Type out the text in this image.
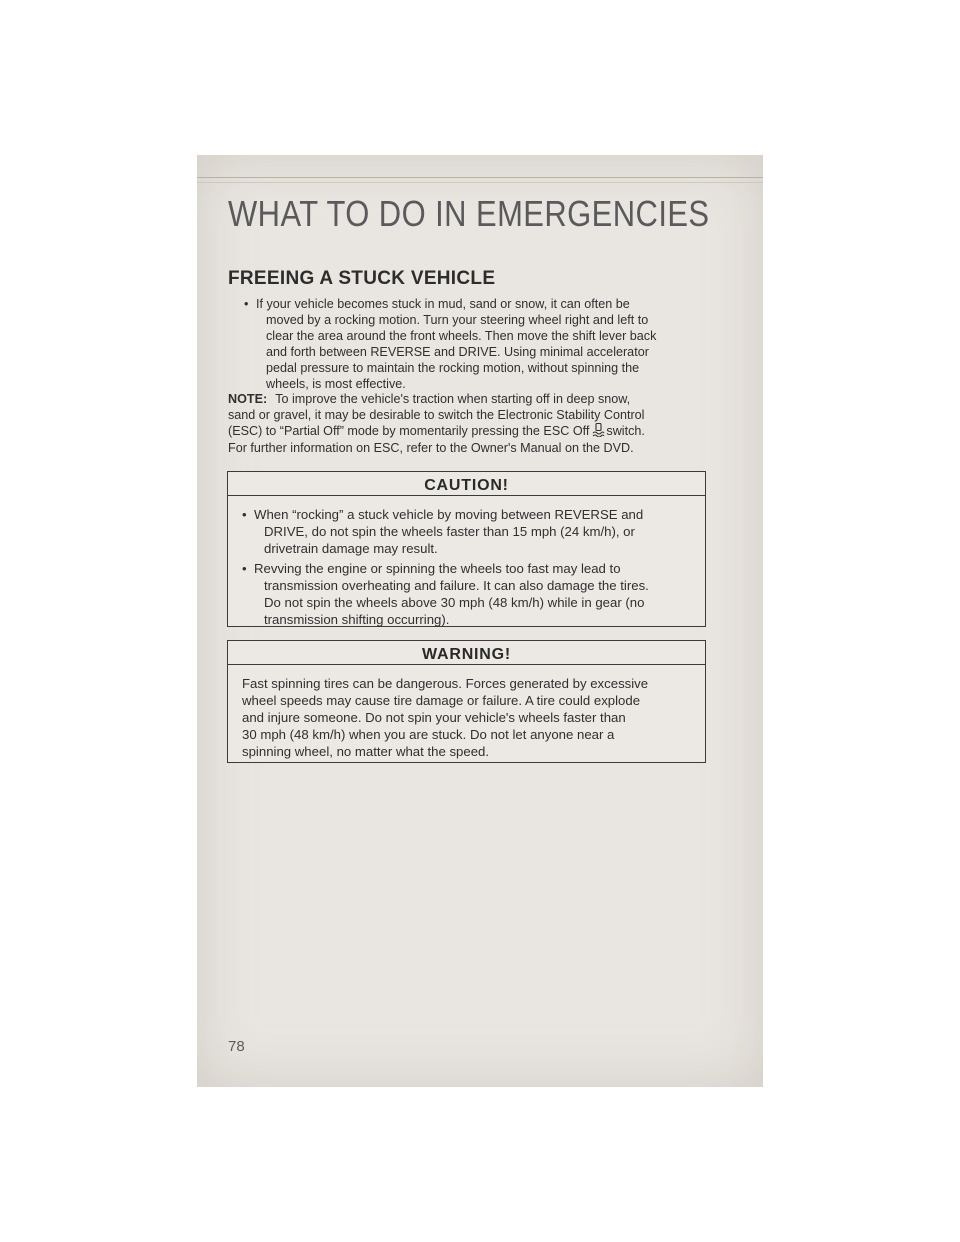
WHAT TO DO IN EMERGENCIES
FREEING A STUCK VEHICLE
• If your vehicle becomes stuck in mud, sand or snow, it can often be
moved by a rocking motion. Turn your steering wheel right and left to
clear the area around the front wheels. Then move the shift lever back
and forth between REVERSE and DRIVE. Using minimal accelerator
pedal pressure to maintain the rocking motion, without spinning the
wheels, is most effective.
NOTE: To improve the vehicle's traction when starting off in deep snow,
sand or gravel, it may be desirable to switch the Electronic Stability Control
(ESC) to “Partial Off” mode by momentarily pressing the ESC Off switch.
For further information on ESC, refer to the Owner's Manual on the DVD.
CAUTION!
• When “rocking” a stuck vehicle by moving between REVERSE and
DRIVE, do not spin the wheels faster than 15 mph (24 km/h), or
drivetrain damage may result.
• Revving the engine or spinning the wheels too fast may lead to
transmission overheating and failure. It can also damage the tires.
Do not spin the wheels above 30 mph (48 km/h) while in gear (no
transmission shifting occurring).
WARNING!
Fast spinning tires can be dangerous. Forces generated by excessive
wheel speeds may cause tire damage or failure. A tire could explode
and injure someone. Do not spin your vehicle's wheels faster than
30 mph (48 km/h) when you are stuck. Do not let anyone near a
spinning wheel, no matter what the speed.
78
